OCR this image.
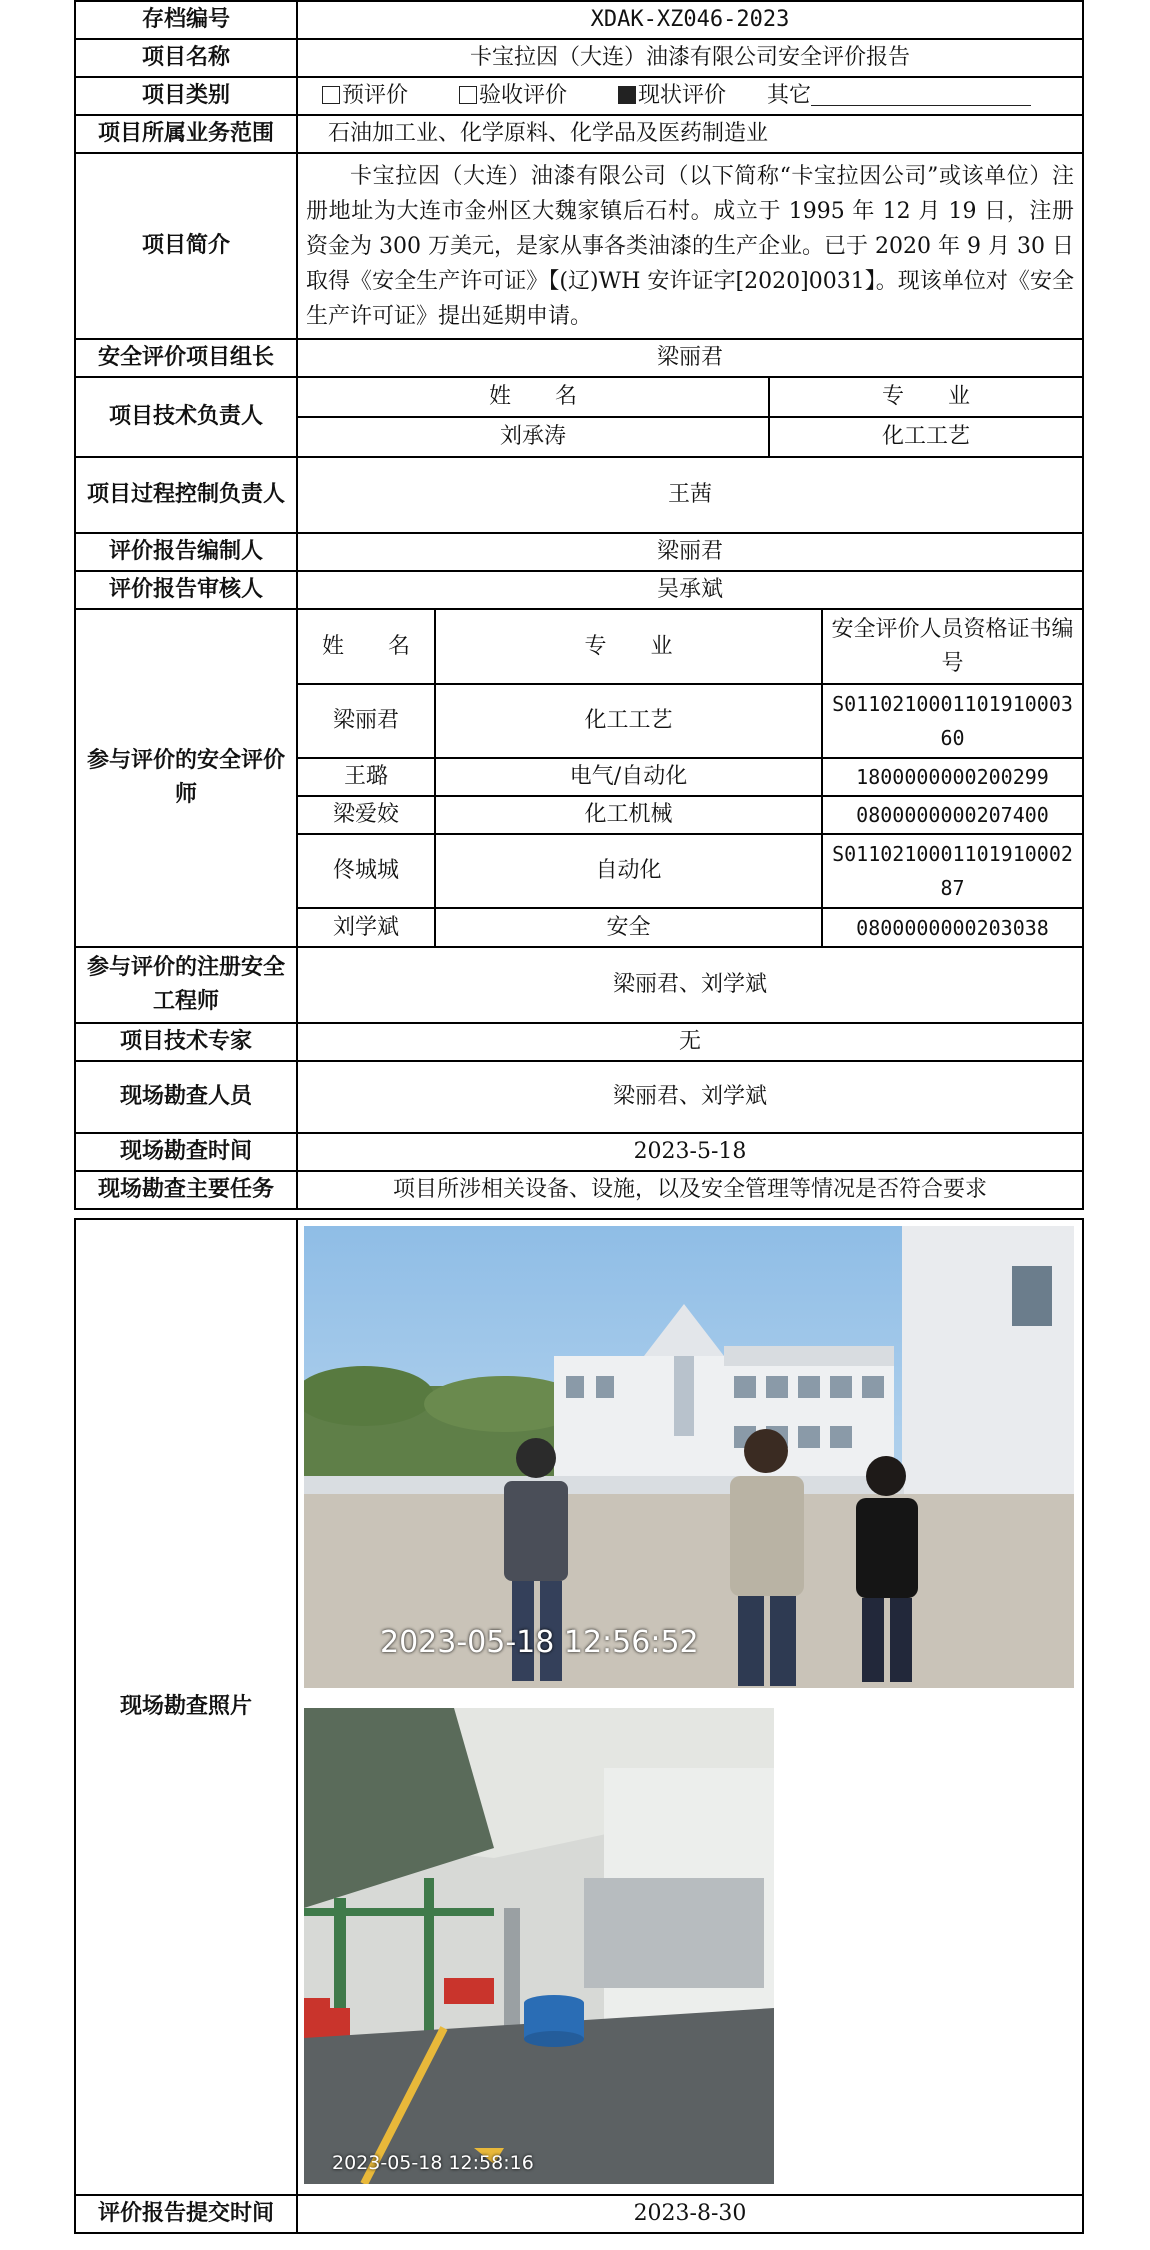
存档编号	XDAK-XZ046-2023
项目名称	卡宝拉因（大连）油漆有限公司安全评价报告
项目类别	预评价	验收评价	现状评价 其它
项目所属业务范围	石油加工业、化学原料、化学品及医药制造业
项目简介	
卡宝拉因（大连）油漆有限公司（以下简称“卡宝拉因公司”或该单位）注册地址为大连市金州区大魏家镇后石村。成立于 1995 年 12 月 19 日，注册资金为 300 万美元，是家从事各类油漆的生产企业。已于 2020 年 9 月 30 日取得《安全生产许可证》【(辽)WH 安许证字[2020]0031】。现该单位对《安全生产许可证》提出延期申请。

安全评价项目组长	梁丽君
项目技术负责人	
姓　　名	专　　业
刘承涛	化工工艺

项目过程控制负责人	王茜
评价报告编制人	梁丽君
评价报告审核人	吴承斌
参与评价的安全评价师	
姓　　名	专　　业	安全评价人员资格证书编号
梁丽君	化工工艺	S011021000110191000360
王璐	电气/自动化	1800000000200299
梁爱姣	化工机械	0800000000207400
佟城城	自动化	S011021000110191000287
刘学斌	安全	0800000000203038

参与评价的注册安全工程师	梁丽君、刘学斌
项目技术专家	无
现场勘查人员	梁丽君、刘学斌
现场勘查时间	2023-5-18
现场勘查主要任务	项目所涉相关设备、设施，以及安全管理等情况是否符合要求
现场勘查照片	2023-05-18 12:56:52
2023-05-18 12:58:16

评价报告提交时间	2023-8-30
